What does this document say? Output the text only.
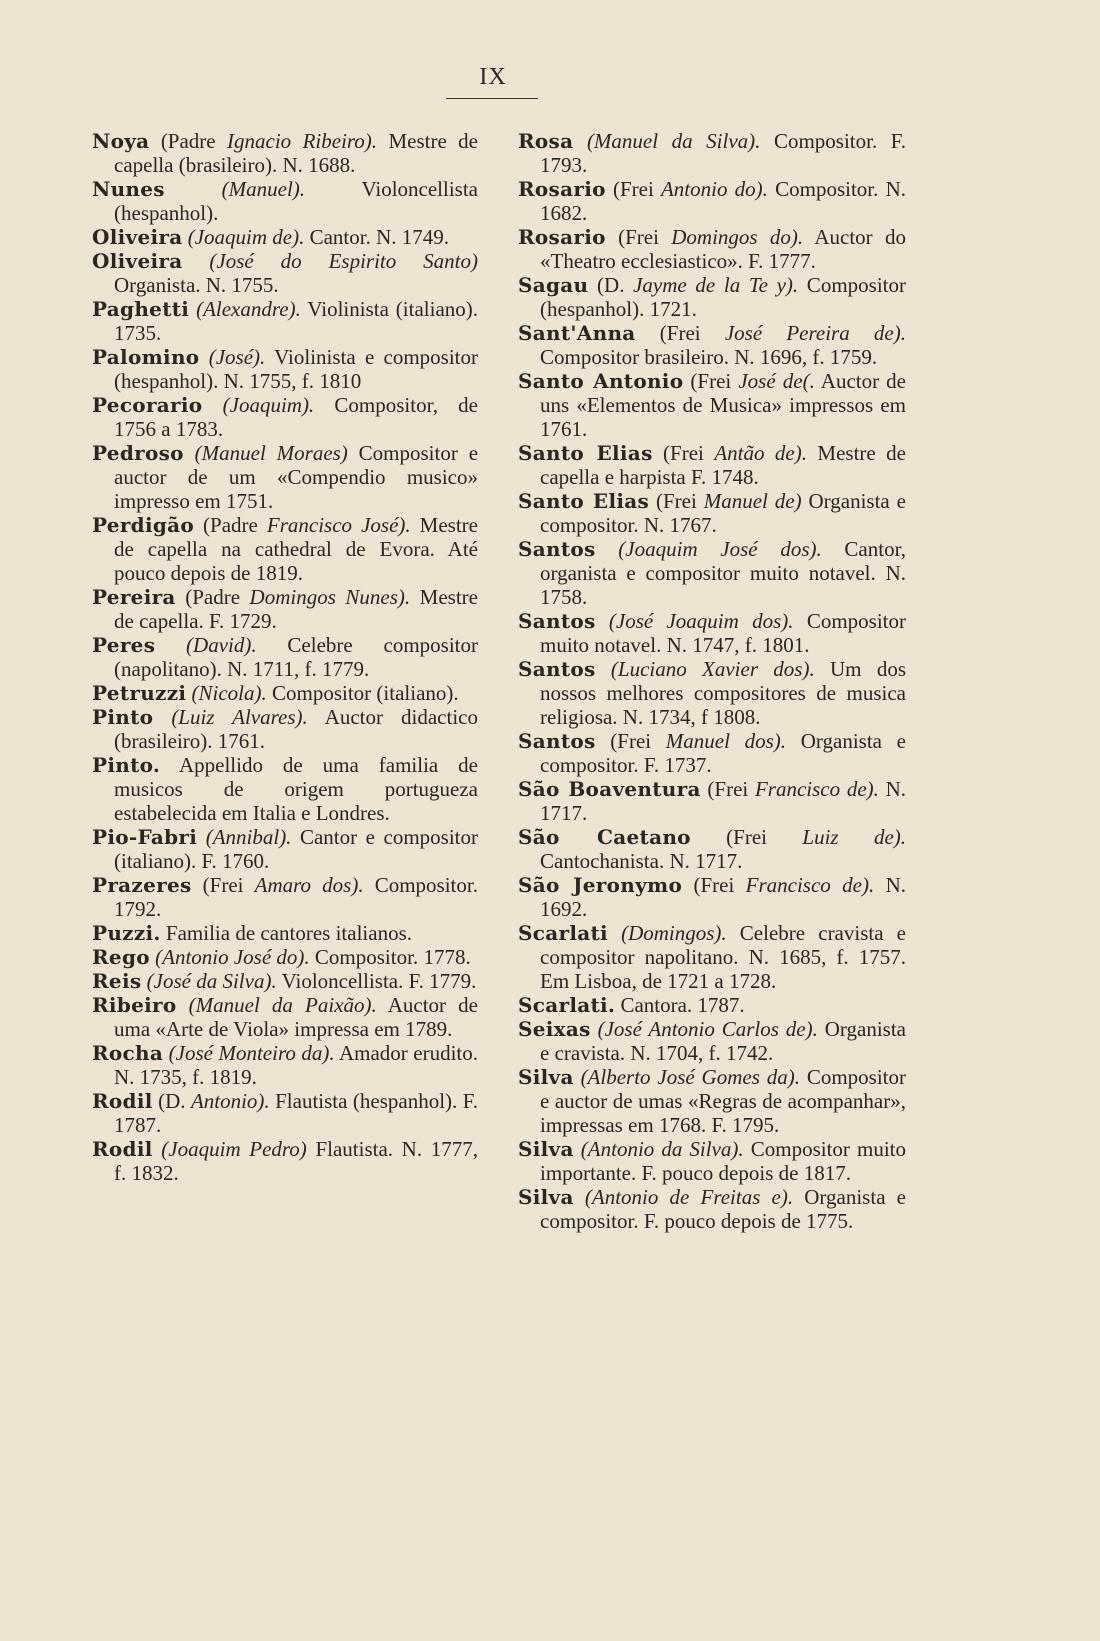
IX

Noya (Padre Ignacio Ribeiro). Mestre de capella (brasileiro). N. 1688.

Nunes	(Manuel). Violoncellista (hespanhol).

Oliveira (Joaquim de). Cantor. N. 1749.

Oliveira (José do Espirito Santo) Organista. N. 1755.

Paghetti (Alexandre). Violinista (italiano). 1735.

Palomino (José). Violinista e compositor (hespanhol). N. 1755, f. 1810

Pecorario (Joaquim). Compositor, de 1756 a 1783.

Pedroso (Manuel Moraes) Compositor e auctor de um «Compendio musico» impresso em 1751.

Perdigão (Padre Francisco José). Mestre de capella na cathedral de Evora. Até pouco depois de 1819.

Pereira (Padre Domingos Nunes). Mestre de capella. F. 1729.

Peres (David). Celebre compositor (napolitano). N. 1711, f. 1779.

Petruzzi (Nicola). Compositor (italiano).

Pinto (Luiz Alvares). Auctor didactico (brasileiro). 1761.

Pinto. Appellido de uma familia de musicos de origem portugueza estabelecida em Italia e Londres.

Pio-Fabri (Annibal). Cantor e compositor (italiano). F. 1760.

Prazeres (Frei Amaro dos). Compositor. 1792.

Puzzi. Familia de cantores italianos.

Rego (Antonio José do). Compositor. 1778.

Reis (José da Silva). Violoncellista. F. 1779.

Ribeiro (Manuel da Paixão). Auctor de uma «Arte de Viola» impressa em 1789.

Rocha (José Monteiro da). Amador erudito. N. 1735, f. 1819.

Rodil (D. Antonio). Flautista (hespanhol). F. 1787.

Rodil (Joaquim Pedro) Flautista. N. 1777, f. 1832.

Rosa (Manuel da Silva). Compositor. F. 1793.

Rosario (Frei Antonio do). Compositor. N. 1682.

Rosario (Frei Domingos do). Auctor do «Theatro ecclesiastico». F. 1777.

Sagau (D. Jayme de la Te y). Compositor (hespanhol). 1721.

Sant'Anna (Frei José Pereira de). Compositor brasileiro. N. 1696, f. 1759.

Santo Antonio (Frei José de(. Auctor de uns «Elementos de Musica» impressos em 1761.

Santo Elias (Frei Antão de). Mestre de capella e harpista F. 1748.

Santo Elias (Frei Manuel de) Organista e compositor. N. 1767.

Santos (Joaquim José dos). Cantor, organista e compositor muito notavel. N. 1758.

Santos (José Joaquim dos). Compositor muito notavel. N. 1747, f. 1801.

Santos (Luciano Xavier dos). Um dos nossos melhores compositores de musica religiosa. N. 1734, f 1808.

Santos (Frei Manuel dos). Organista e compositor. F. 1737.

São Boaventura (Frei Francisco de). N. 1717.

São Caetano (Frei Luiz de). Cantochanista. N. 1717.

São Jeronymo (Frei Francisco de). N. 1692.

Scarlati (Domingos). Celebre cravista e compositor napolitano. N. 1685, f. 1757. Em Lisboa, de 1721 a 1728.

Scarlati. Cantora. 1787.

Seixas (José Antonio Carlos de). Organista e cravista. N. 1704, f. 1742.

Silva (Alberto José Gomes da). Compositor e auctor de umas «Regras de acompanhar», impressas em 1768. F. 1795.

Silva (Antonio da Silva). Compositor muito importante. F. pouco depois de 1817.

Silva (Antonio de Freitas e). Organista e compositor. F. pouco depois de 1775.
